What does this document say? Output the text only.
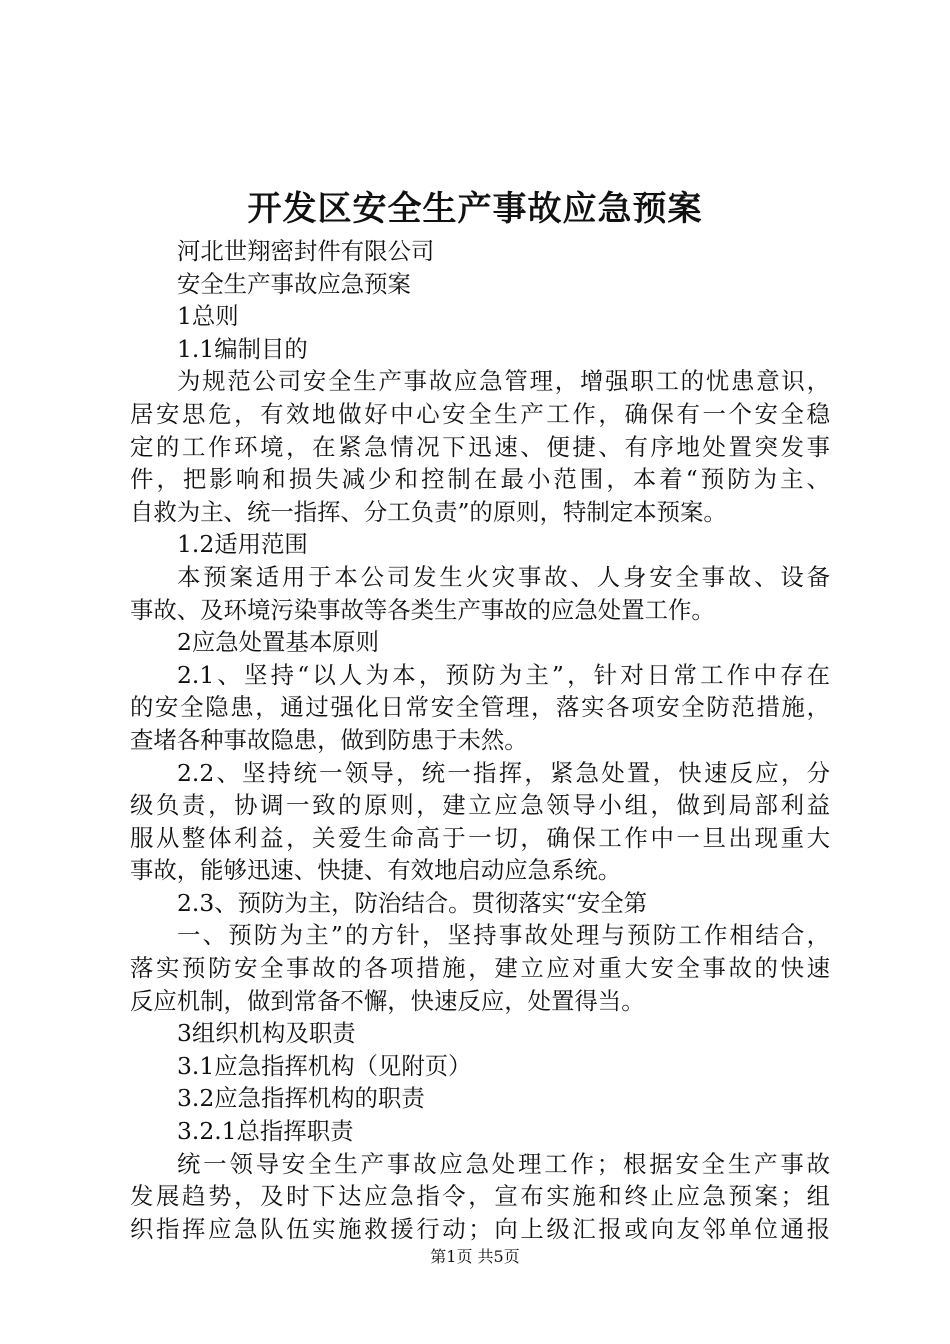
开发区安全生产事故应急预案
河北世翔密封件有限公司
安全生产事故应急预案
1总则
1.1编制目的
为规范公司安全生产事故应急管理，增强职工的忧患意识，
居安思危，有效地做好中心安全生产工作，确保有一个安全稳
定的工作环境，在紧急情况下迅速、便捷、有序地处置突发事
件，把影响和损失减少和控制在最小范围，本着“预防为主、
自救为主、统一指挥、分工负责”的原则，特制定本预案。
1.2适用范围
本预案适用于本公司发生火灾事故、人身安全事故、设备
事故、及环境污染事故等各类生产事故的应急处置工作。
2应急处置基本原则
2.1、坚持“以人为本，预防为主”，针对日常工作中存在
的安全隐患，通过强化日常安全管理，落实各项安全防范措施，
查堵各种事故隐患，做到防患于未然。
2.2、坚持统一领导，统一指挥，紧急处置，快速反应，分
级负责，协调一致的原则，建立应急领导小组，做到局部利益
服从整体利益，关爱生命高于一切，确保工作中一旦出现重大
事故，能够迅速、快捷、有效地启动应急系统。
2.3、预防为主，防治结合。贯彻落实“安全第
一、预防为主”的方针，坚持事故处理与预防工作相结合，
落实预防安全事故的各项措施，建立应对重大安全事故的快速
反应机制，做到常备不懈，快速反应，处置得当。
3组织机构及职责
3.1应急指挥机构（见附页）
3.2应急指挥机构的职责
3.2.1总指挥职责
统一领导安全生产事故应急处理工作；根据安全生产事故
发展趋势，及时下达应急指令，宣布实施和终止应急预案；组
织指挥应急队伍实施救援行动；向上级汇报或向友邻单位通报
第1页 共5页
